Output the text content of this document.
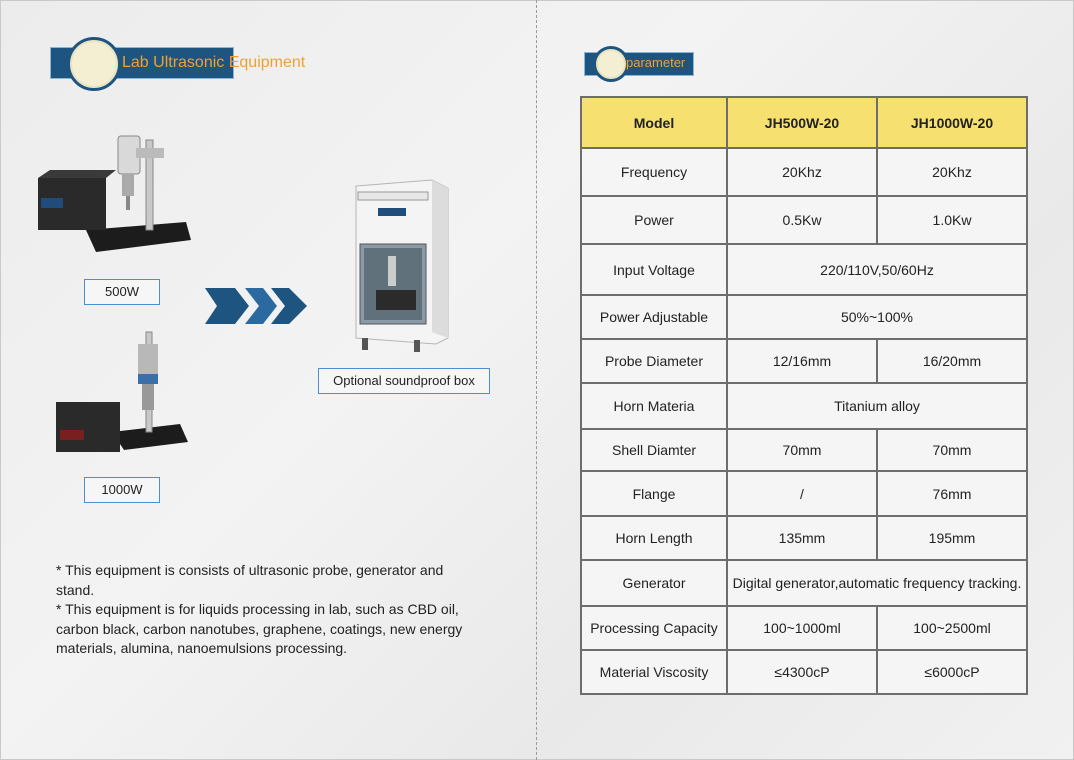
Lab Ultrasonic Equipment	parameter
500W
1000W
Optional soundproof box

* This equipment is consists of ultrasonic probe, generator and stand.

* This equipment is for liquids processing in lab, such as CBD oil, carbon black, carbon nanotubes, graphene, coatings, new energy materials, alumina, nanoemulsions processing.

Model	JH500W-20	JH1000W-20
Frequency	20Khz	20Khz
Power	0.5Kw	1.0Kw
Input Voltage	220/110V,50/60Hz	
Power Adjustable	50%~100%	
Probe Diameter	12/16mm	16/20mm
Horn Materia	Titanium alloy	
Shell Diamter	70mm	70mm
Flange	/	76mm
Horn Length	135mm	195mm
Generator	Digital generator,automatic frequency tracking.	
Processing Capacity	100~1000ml	100~2500ml
Material Viscosity	≤4300cP	≤6000cP
